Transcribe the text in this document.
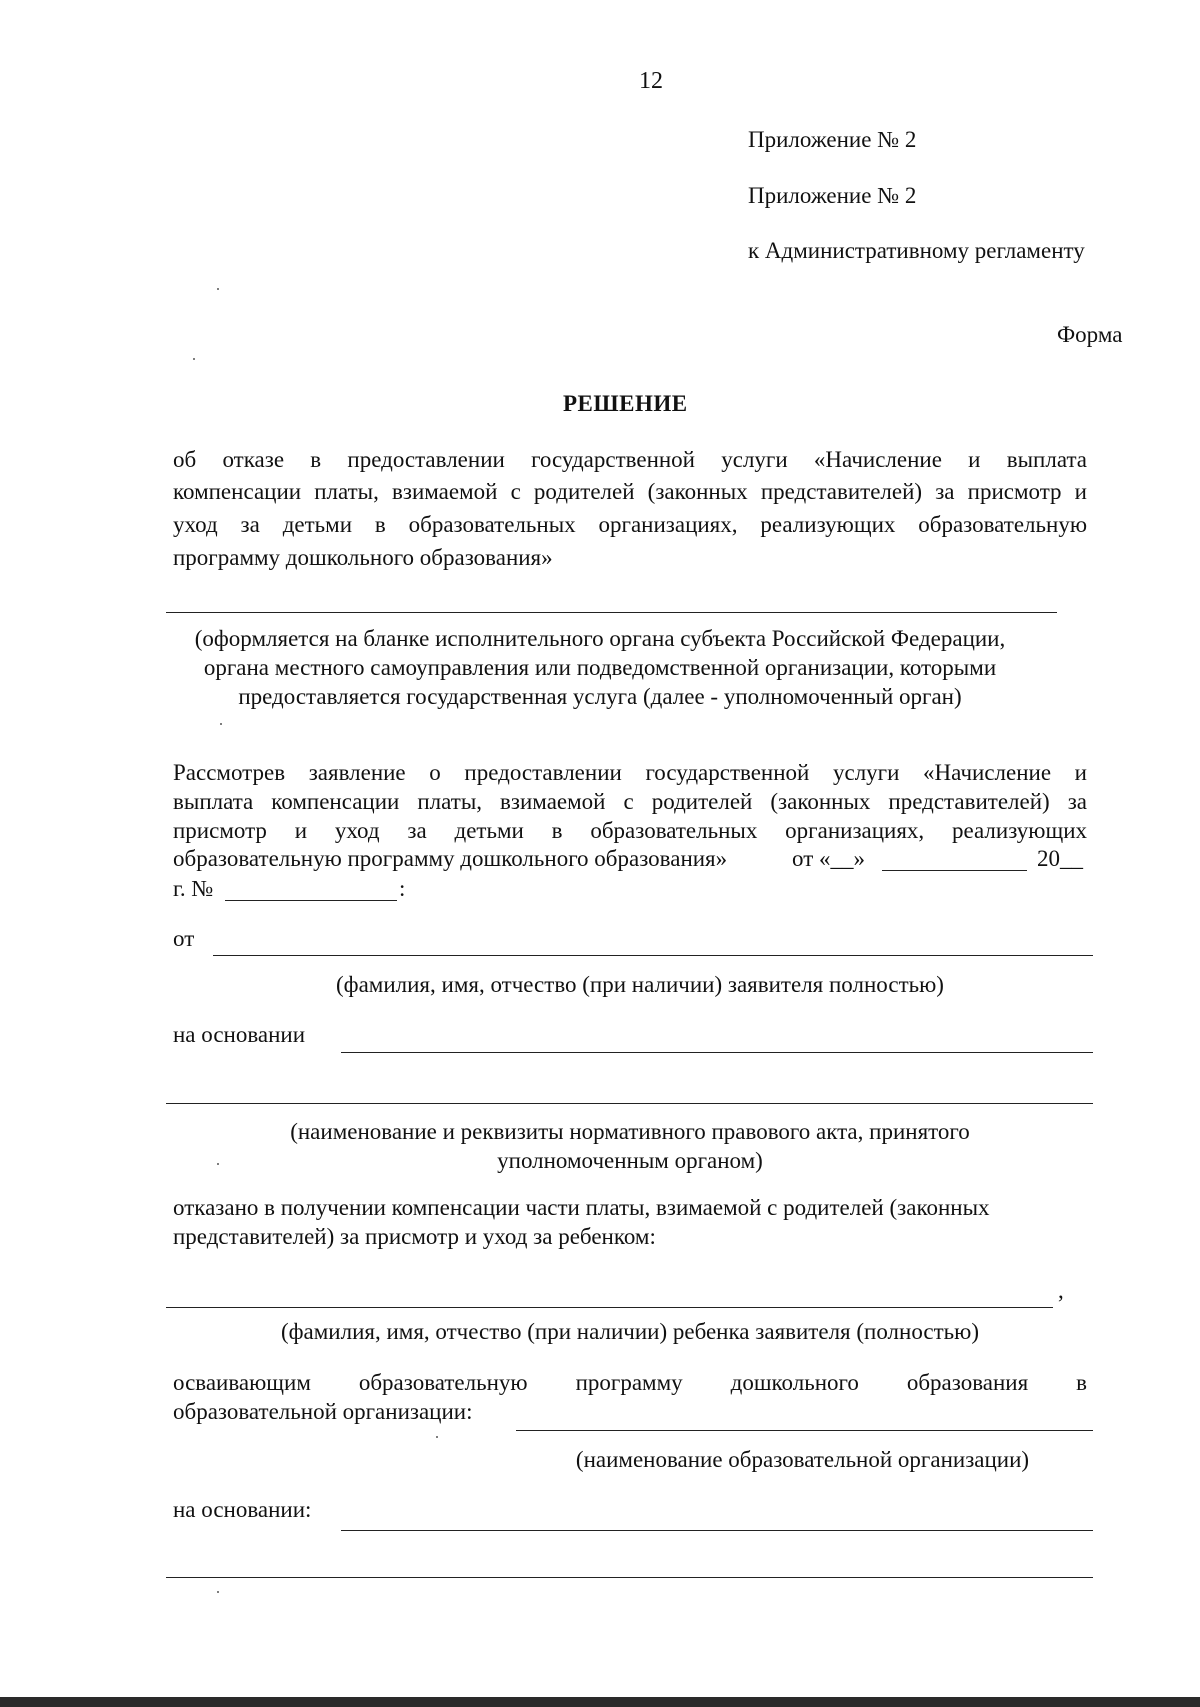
12
Приложение № 2
Приложение № 2
к Административному регламенту
Форма
РЕШЕНИЕ
об отказе в предоставлении государственной услуги «Начисление и выплата
компенсации платы, взимаемой с родителей (законных представителей) за присмотр и
уход за детьми в образовательных организациях, реализующих образовательную
программу дошкольного образования»
(оформляется на бланке исполнительного органа субъекта Российской Федерации,
органа местного самоуправления или подведомственной организации, которыми
предоставляется государственная услуга (далее - уполномоченный орган)
Рассмотрев заявление о предоставлении государственной услуги «Начисление и
выплата компенсации платы, взимаемой с родителей (законных представителей) за
присмотр и уход за детьми в образовательных организациях, реализующих
образовательную программу дошкольного образования»	от «__»	20__
г. №	:
от
(фамилия, имя, отчество (при наличии) заявителя полностью)
на основании
(наименование и реквизиты нормативного правового акта, принятого
уполномоченным органом)
отказано в получении компенсации части платы, взимаемой с родителей (законных
представителей) за присмотр и уход за ребенком:
,
(фамилия, имя, отчество (при наличии) ребенка заявителя (полностью)
осваивающим образовательную программу дошкольного образования в
образовательной организации:
(наименование образовательной организации)
на основании:
